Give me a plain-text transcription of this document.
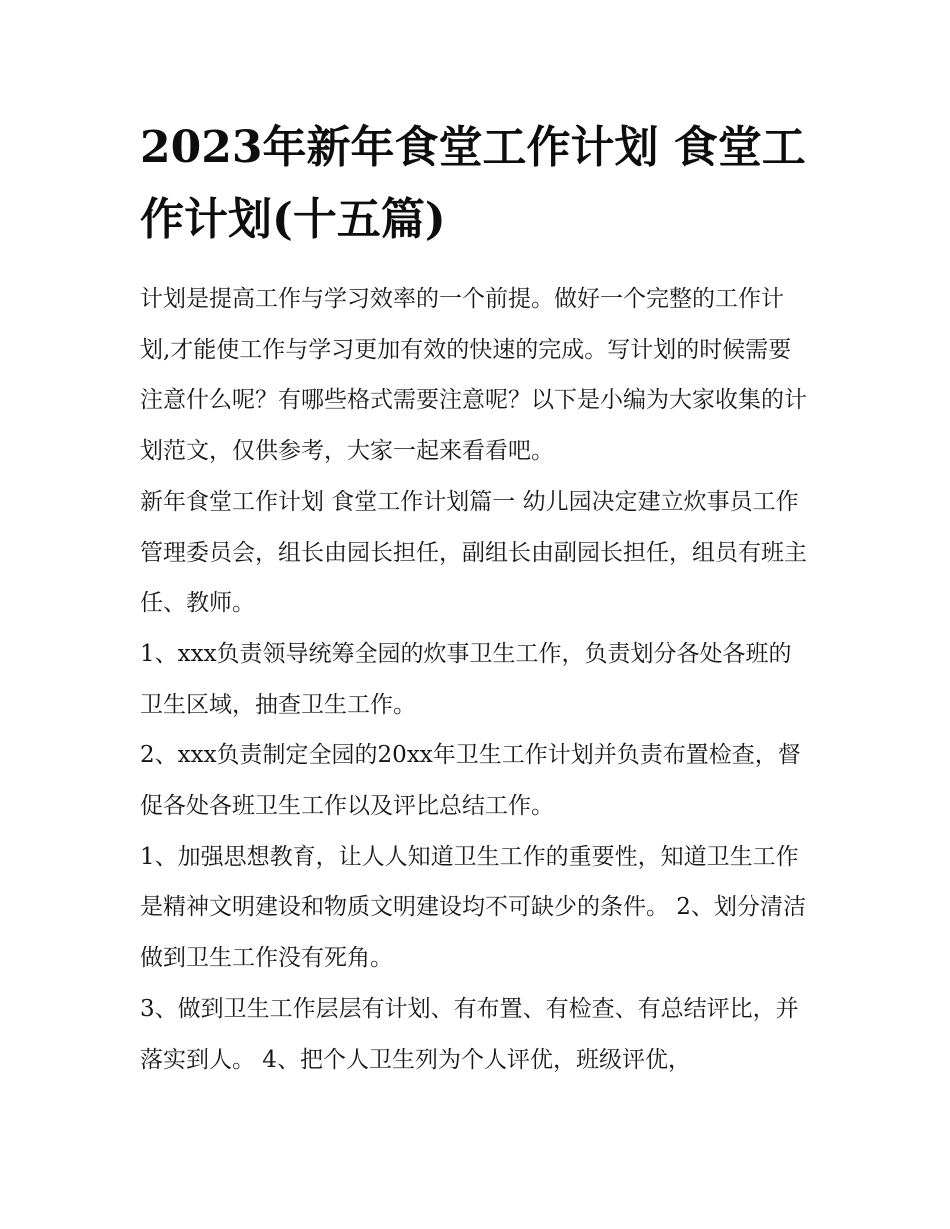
2023年新年食堂工作计划 食堂工作计划(十五篇)

计划是提高工作与学习效率的一个前提。做好一个完整的工作计划,才能使工作与学习更加有效的快速的完成。写计划的时候需要注意什么呢？有哪些格式需要注意呢？以下是小编为大家收集的计划范文，仅供参考，大家一起来看看吧。

新年食堂工作计划 食堂工作计划篇一 幼儿园决定建立炊事员工作管理委员会，组长由园长担任，副组长由副园长担任，组员有班主任、教师。

1、xxx负责领导统筹全园的炊事卫生工作，负责划分各处各班的卫生区域，抽查卫生工作。

2、xxx负责制定全园的20xx年卫生工作计划并负责布置检查，督促各处各班卫生工作以及评比总结工作。

1、加强思想教育，让人人知道卫生工作的重要性，知道卫生工作是精神文明建设和物质文明建设均不可缺少的条件。 2、划分清洁做到卫生工作没有死角。

3、做到卫生工作层层有计划、有布置、有检查、有总结评比，并落实到人。 4、把个人卫生列为个人评优，班级评优，
